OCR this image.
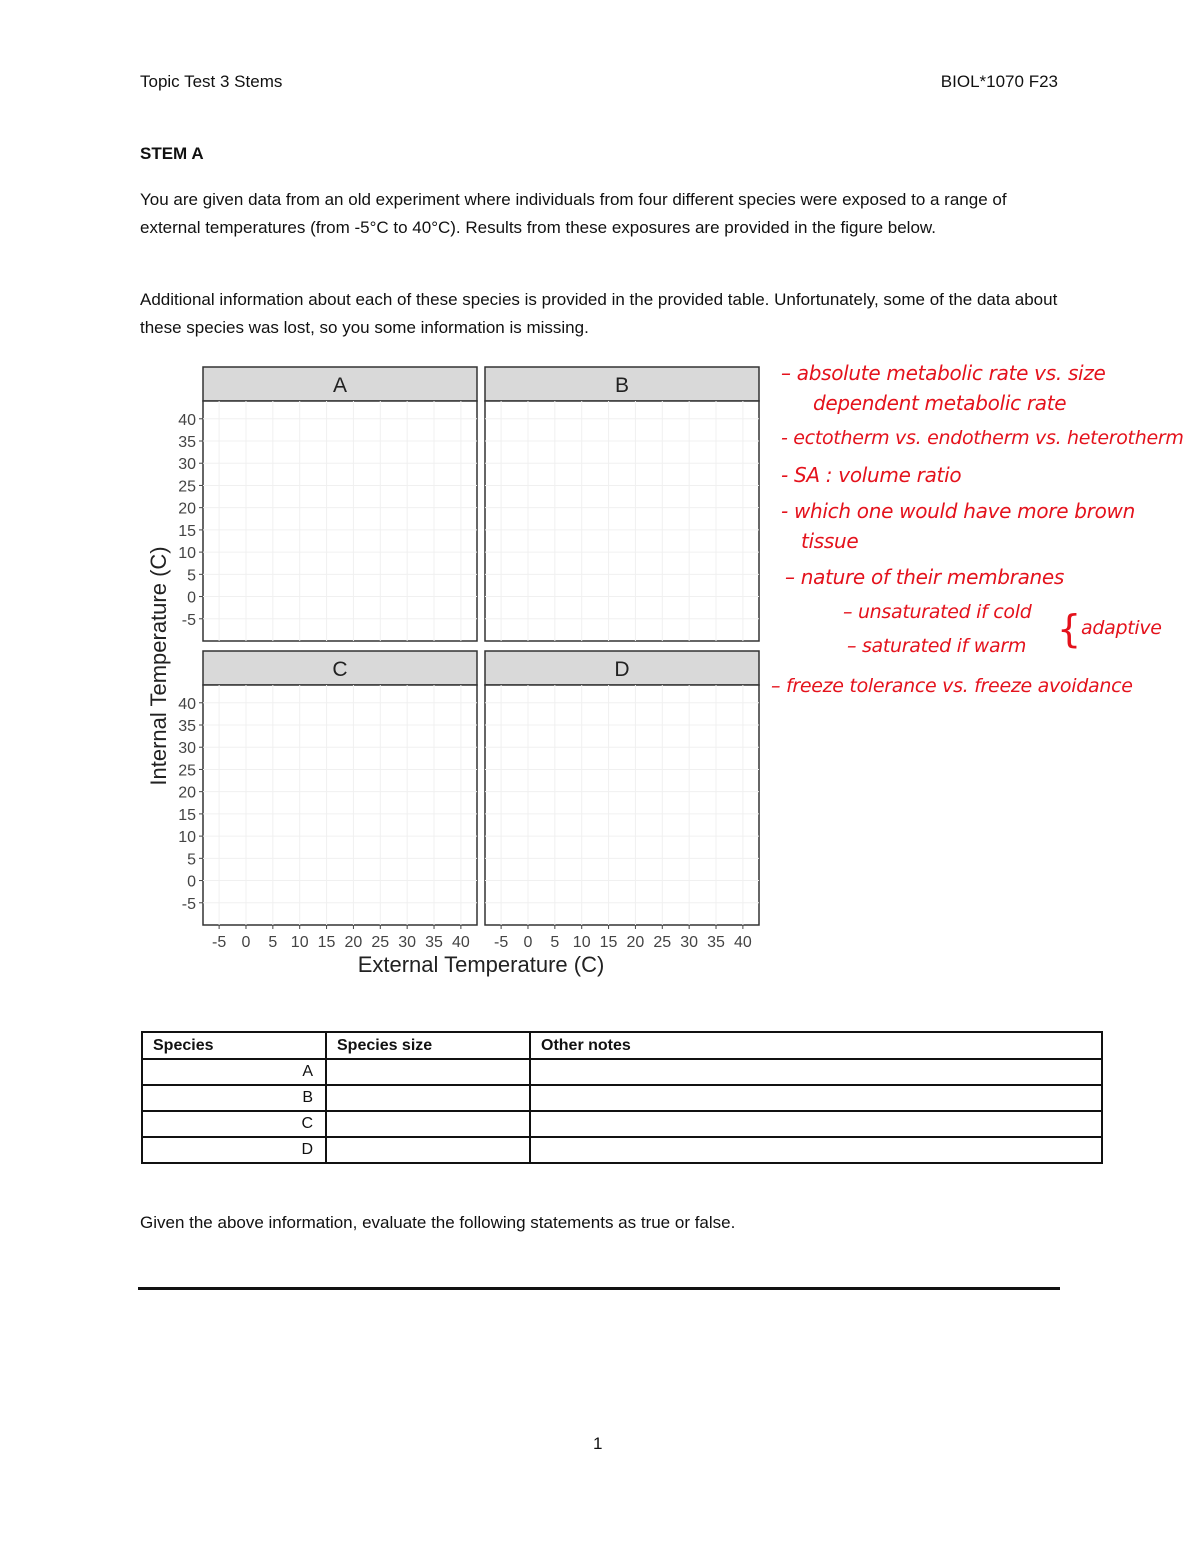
Topic Test 3 Stems	BIOL*1070 F23
STEM A

You are given data from an old experiment where individuals from four different species were exposed to a range of external temperatures (from -5°C to 40°C). Results from these exposures are provided in the figure below.

Additional information about each of these species is provided in the provided table. Unfortunately, some of the data about these species was lost, so you some information is missing.

Internal Temperature (C)
External Temperature (C)
A
-5
0
5
10
15
20
25
30
35
40
B
C
-5
0
5
10
15
20
25
30
35
40
-5 0 5 10 15 20 25 30 35 40
D
-5 0 5 10 15 20 25 30 35 40
– absolute metabolic rate vs. size
dependent metabolic rate
- ectotherm vs. endotherm vs. heterotherm
- SA : volume ratio
- which one would have more brown
tissue
– nature of their membranes
– unsaturated if cold
– saturated if warm { adaptive
– freeze tolerance vs. freeze avoidance
Species	Species size	Other notes
A		
B		
C		
D		
Given the above information, evaluate the following statements as true or false.
1
